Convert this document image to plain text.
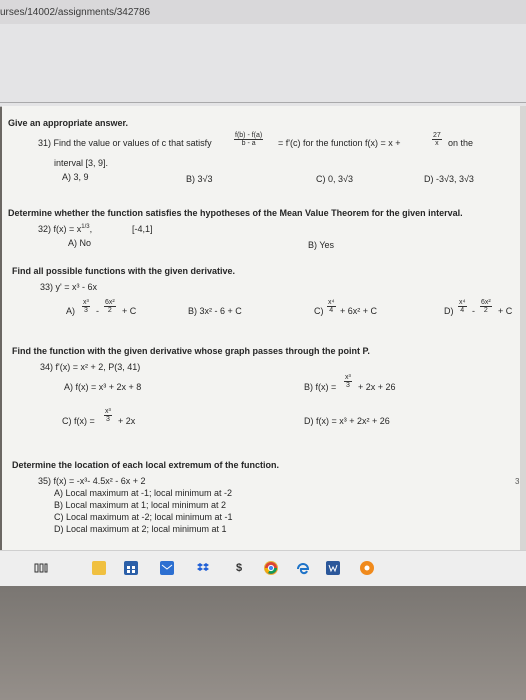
urses/14002/assignments/342786
Give an appropriate answer.
31) Find the value or values of c that satisfy	$\frac{f(b) - f(a)}{b - a} = f'(c)$ for the function f(x) = x +	$\frac{27}{x}$ on the
interval [3, 9].
A) 3, 9	B) 3√3	C) 0, 3√3	D) -3√3, 3√3
Determine whether the function satisfies the hypotheses of the Mean Value Theorem for the given interval.
32) $f(x) = x^{1/3}$,	[-4,1]
A) No	B) Yes
Find all possible functions with the given derivative.
33) y' = x³ - 6x
$A) \frac{\text{x³}}{3} - \frac{\text{6x²}}{2} + C$	B) 3x² - 6 + C	$C) \frac{\text{x⁴}}{4} + 6x^2 + C$	$D) \frac{\text{x⁴}}{4} - \frac{\text{6x²}}{2} + C$
Find the function with the given derivative whose graph passes through the point P.
34) f'(x) = x² + 2, P(3, 41)
A) f(x) = x³ + 2x + 8	B) $f(x) = \frac{\text{x³}}{3} + 2x + 26$
C) $f(x) = \frac{\text{x³}}{3} + 2x$	D) f(x) = x³ + 2x² + 26
Determine the location of each local extremum of the function.
35) f(x) = -x³- 4.5x² - 6x + 2
A) Local maximum at -1; local minimum at -2
B) Local maximum at 1; local minimum at 2
C) Local maximum at -2; local minimum at -1
D) Local maximum at 2; local minimum at 1
3
$
